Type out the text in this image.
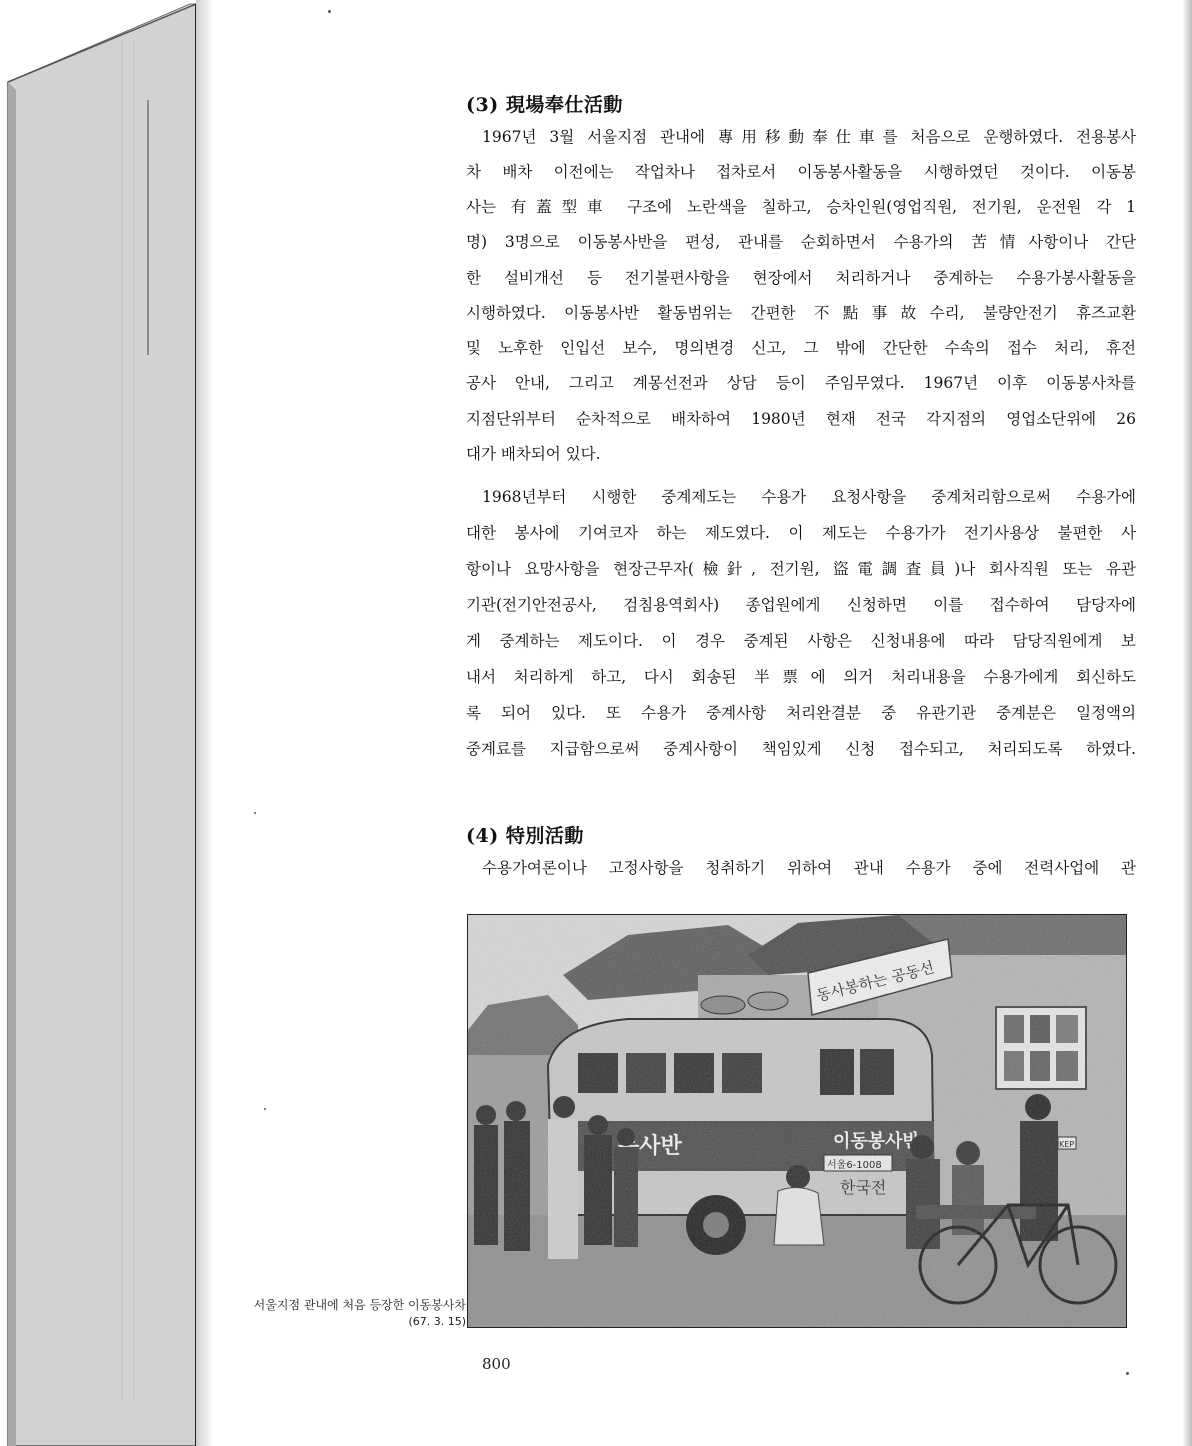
(3) 現場奉仕活動
1967년 3월 서울지점 관내에 專用移動奉仕車를 처음으로 운행하였다. 전용봉사
차 배차 이전에는 작업차나 접차로서 이동봉사활동을 시행하였던 것이다. 이동봉
사는 有蓋型車 구조에 노란색을 칠하고, 승차인원(영업직원, 전기원, 운전원 각 1
명) 3명으로 이동봉사반을 편성, 관내를 순회하면서 수용가의 苦情사항이나 간단
한 설비개선 등 전기불편사항을 현장에서 처리하거나 중계하는 수용가봉사활동을
시행하였다. 이동봉사반 활동범위는 간편한 不點事故수리, 불량안전기 휴즈교환
및 노후한 인입선 보수, 명의변경 신고, 그 밖에 간단한 수속의 접수 처리, 휴전
공사 안내, 그리고 계몽선전과 상담 등이 주임무였다. 1967년 이후 이동봉사차를
지점단위부터 순차적으로 배차하여 1980년 현재 전국 각지점의 영업소단위에 26
대가 배차되어 있다.
1968년부터 시행한 중계제도는 수용가 요청사항을 중계처리함으로써 수용가에
대한 봉사에 기여코자 하는 제도였다. 이 제도는 수용가가 전기사용상 불편한 사
항이나 요망사항을 현장근무자(檢針, 전기원, 盜電調査員)나 회사직원 또는 유관
기관(전기안전공사, 검침용역회사) 종업원에게 신청하면 이를 접수하여 담당자에
게 중계하는 제도이다. 이 경우 중계된 사항은 신청내용에 따라 담당직원에게 보
내서 처리하게 하고, 다시 회송된 半票에 의거 처리내용을 수용가에게 회신하도
록 되어 있다. 또 수용가 중계사항 처리완결분 중 유관기관 중계분은 일정액의
중계료를 지급함으로써 중계사항이 책임있게 신청 접수되고, 처리되도록 하였다.
(4) 特別活動
수용가여론이나 고정사항을 청취하기 위하여 관내 수용가 중에 전력사업에 관
800
서울지점 관내에 처음 등장한 이동봉사차
(67. 3. 15)
